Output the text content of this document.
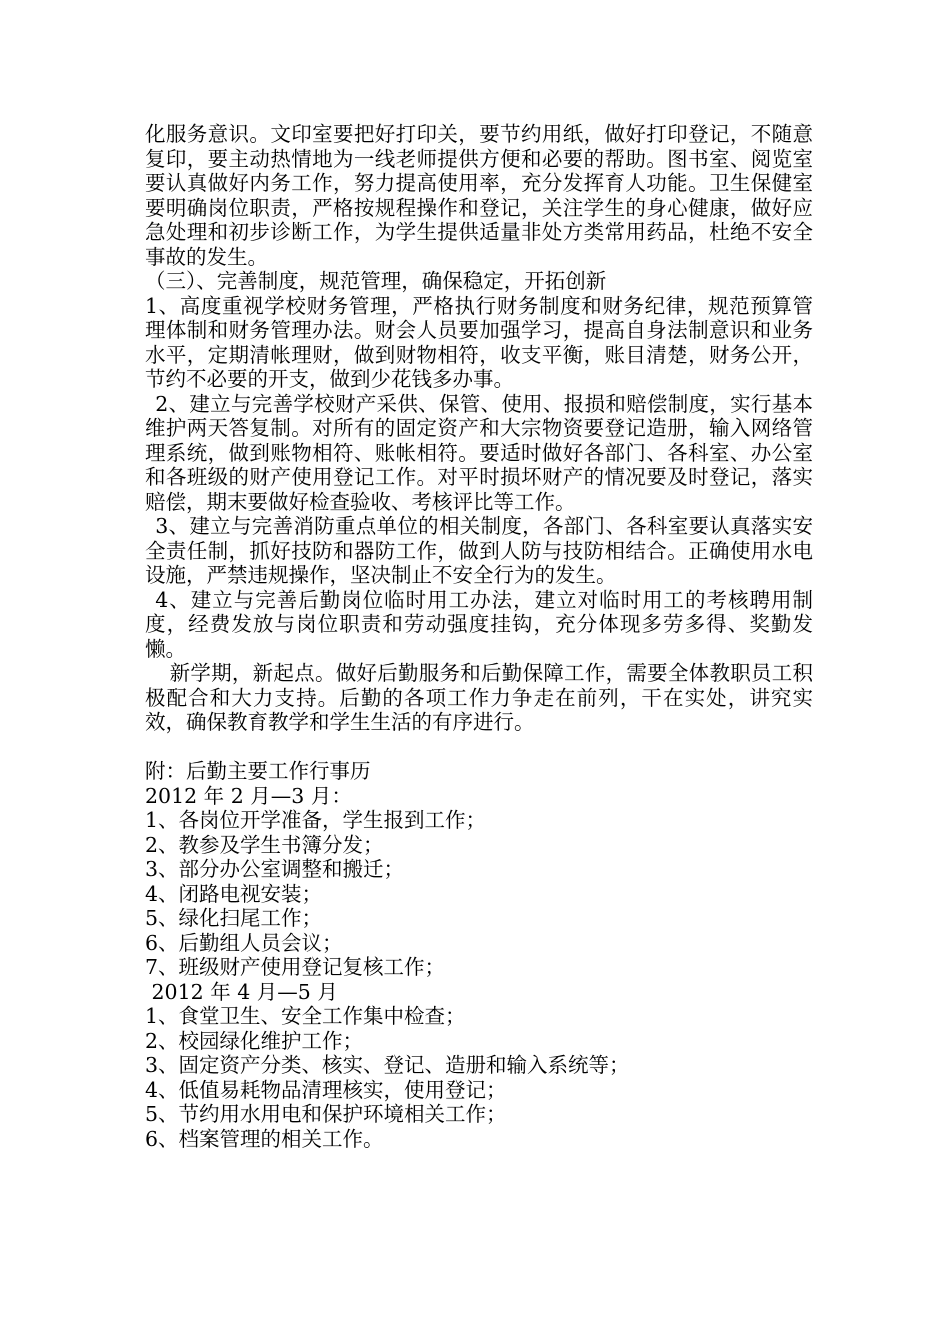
化服务意识。文印室要把好打印关，要节约用纸，做好打印登记，不随意复印，要主动热情地为一线老师提供方便和必要的帮助。图书室、阅览室要认真做好内务工作，努力提高使用率，充分发挥育人功能。卫生保健室要明确岗位职责，严格按规程操作和登记，关注学生的身心健康，做好应急处理和初步诊断工作，为学生提供适量非处方类常用药品，杜绝不安全事故的发生。

（三）、完善制度，规范管理，确保稳定，开拓创新

1、高度重视学校财务管理，严格执行财务制度和财务纪律，规范预算管理体制和财务管理办法。财会人员要加强学习，提高自身法制意识和业务水平，定期清帐理财，做到财物相符，收支平衡，账目清楚，财务公开，节约不必要的开支，做到少花钱多办事。

2、建立与完善学校财产采供、保管、使用、报损和赔偿制度，实行基本维护两天答复制。对所有的固定资产和大宗物资要登记造册，输入网络管理系统，做到账物相符、账帐相符。要适时做好各部门、各科室、办公室和各班级的财产使用登记工作。对平时损坏财产的情况要及时登记，落实赔偿，期末要做好检查验收、考核评比等工作。

3、建立与完善消防重点单位的相关制度，各部门、各科室要认真落实安全责任制，抓好技防和器防工作，做到人防与技防相结合。正确使用水电设施，严禁违规操作，坚决制止不安全行为的发生。

4、建立与完善后勤岗位临时用工办法，建立对临时用工的考核聘用制度，经费发放与岗位职责和劳动强度挂钩，充分体现多劳多得、奖勤发懒。

新学期，新起点。做好后勤服务和后勤保障工作，需要全体教职员工积极配合和大力支持。后勤的各项工作力争走在前列，干在实处，讲究实效，确保教育教学和学生生活的有序进行。

附：后勤主要工作行事历

2012 年 2 月—3 月：

1、各岗位开学准备，学生报到工作；

2、教参及学生书簿分发；

3、部分办公室调整和搬迁；

4、闭路电视安装；

5、绿化扫尾工作；

6、后勤组人员会议；

7、班级财产使用登记复核工作；

2012 年 4 月—5 月

1、食堂卫生、安全工作集中检查；

2、校园绿化维护工作；

3、固定资产分类、核实、登记、造册和输入系统等；

4、低值易耗物品清理核实，使用登记；

5、节约用水用电和保护环境相关工作；

6、档案管理的相关工作。
